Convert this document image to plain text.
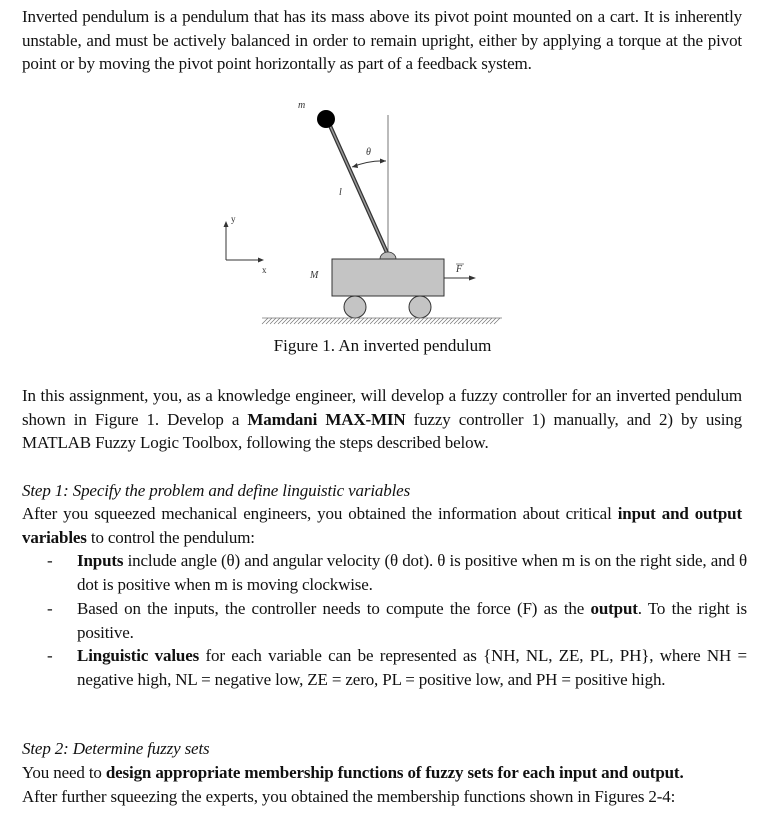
Inverted pendulum is a pendulum that has its mass above its pivot point mounted on a cart. It is inherently unstable, and must be actively balanced in order to remain upright, either by applying a torque at the pivot point or by moving the pivot point horizontally as part of a feedback system.
m
θ
l
y
x	M
F
Figure 1. An inverted pendulum
In this assignment, you, as a knowledge engineer, will develop a fuzzy controller for an inverted pendulum shown in Figure 1. Develop a Mamdani MAX-MIN fuzzy controller 1) manually, and 2) by using MATLAB Fuzzy Logic Toolbox, following the steps described below.
Step 1: Specify the problem and define linguistic variables
After you squeezed mechanical engineers, you obtained the information about critical input and output variables to control the pendulum:
- Inputs include angle (θ) and angular velocity (θ dot). θ is positive when m is on the right side, and θ dot is positive when m is moving clockwise.
- Based on the inputs, the controller needs to compute the force (F) as the output. To the right is positive.
- Linguistic values for each variable can be represented as {NH, NL, ZE, PL, PH}, where NH = negative high, NL = negative low, ZE = zero, PL = positive low, and PH = positive high.
Step 2: Determine fuzzy sets
You need to design appropriate membership functions of fuzzy sets for each input and output.
After further squeezing the experts, you obtained the membership functions shown in Figures 2-4:
